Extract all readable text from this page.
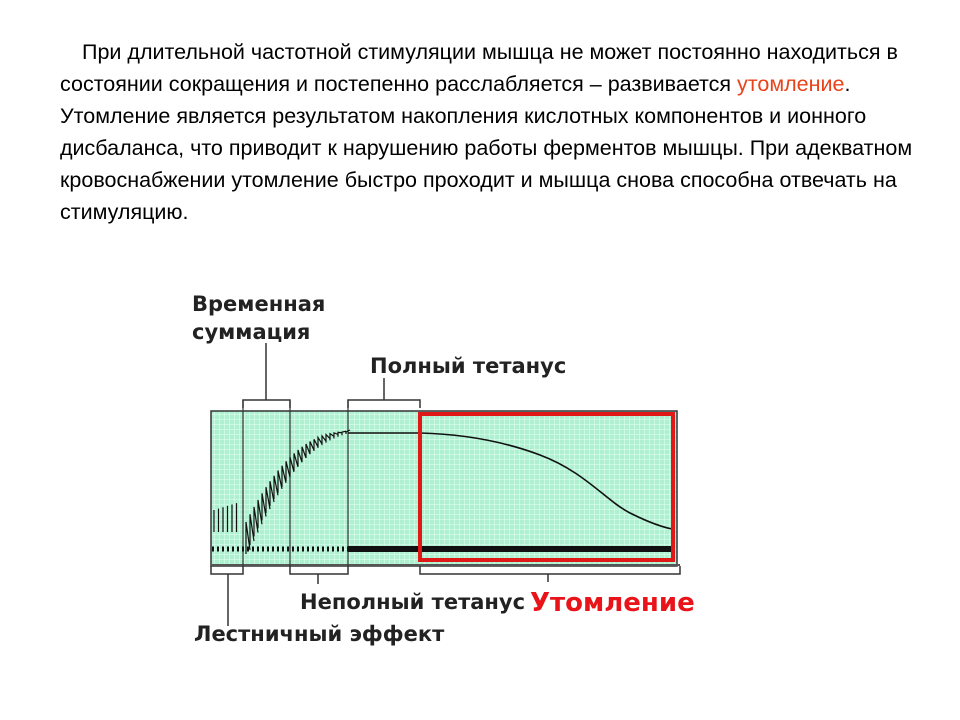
При длительной частотной стимуляции мышца не может постоянно находиться в состоянии сокращения и постепенно расслабляется – развивается утомление. Утомление является результатом накопления кислотных компонентов и ионного дисбаланса, что приводит к нарушению работы ферментов мышцы. При адекватном кровоснабжении утомление быстро проходит и мышца снова способна отвечать на стимуляцию.

Временная
суммация
Полный тетанус
Неполный тетанус Утомление
Лестничный эффект
